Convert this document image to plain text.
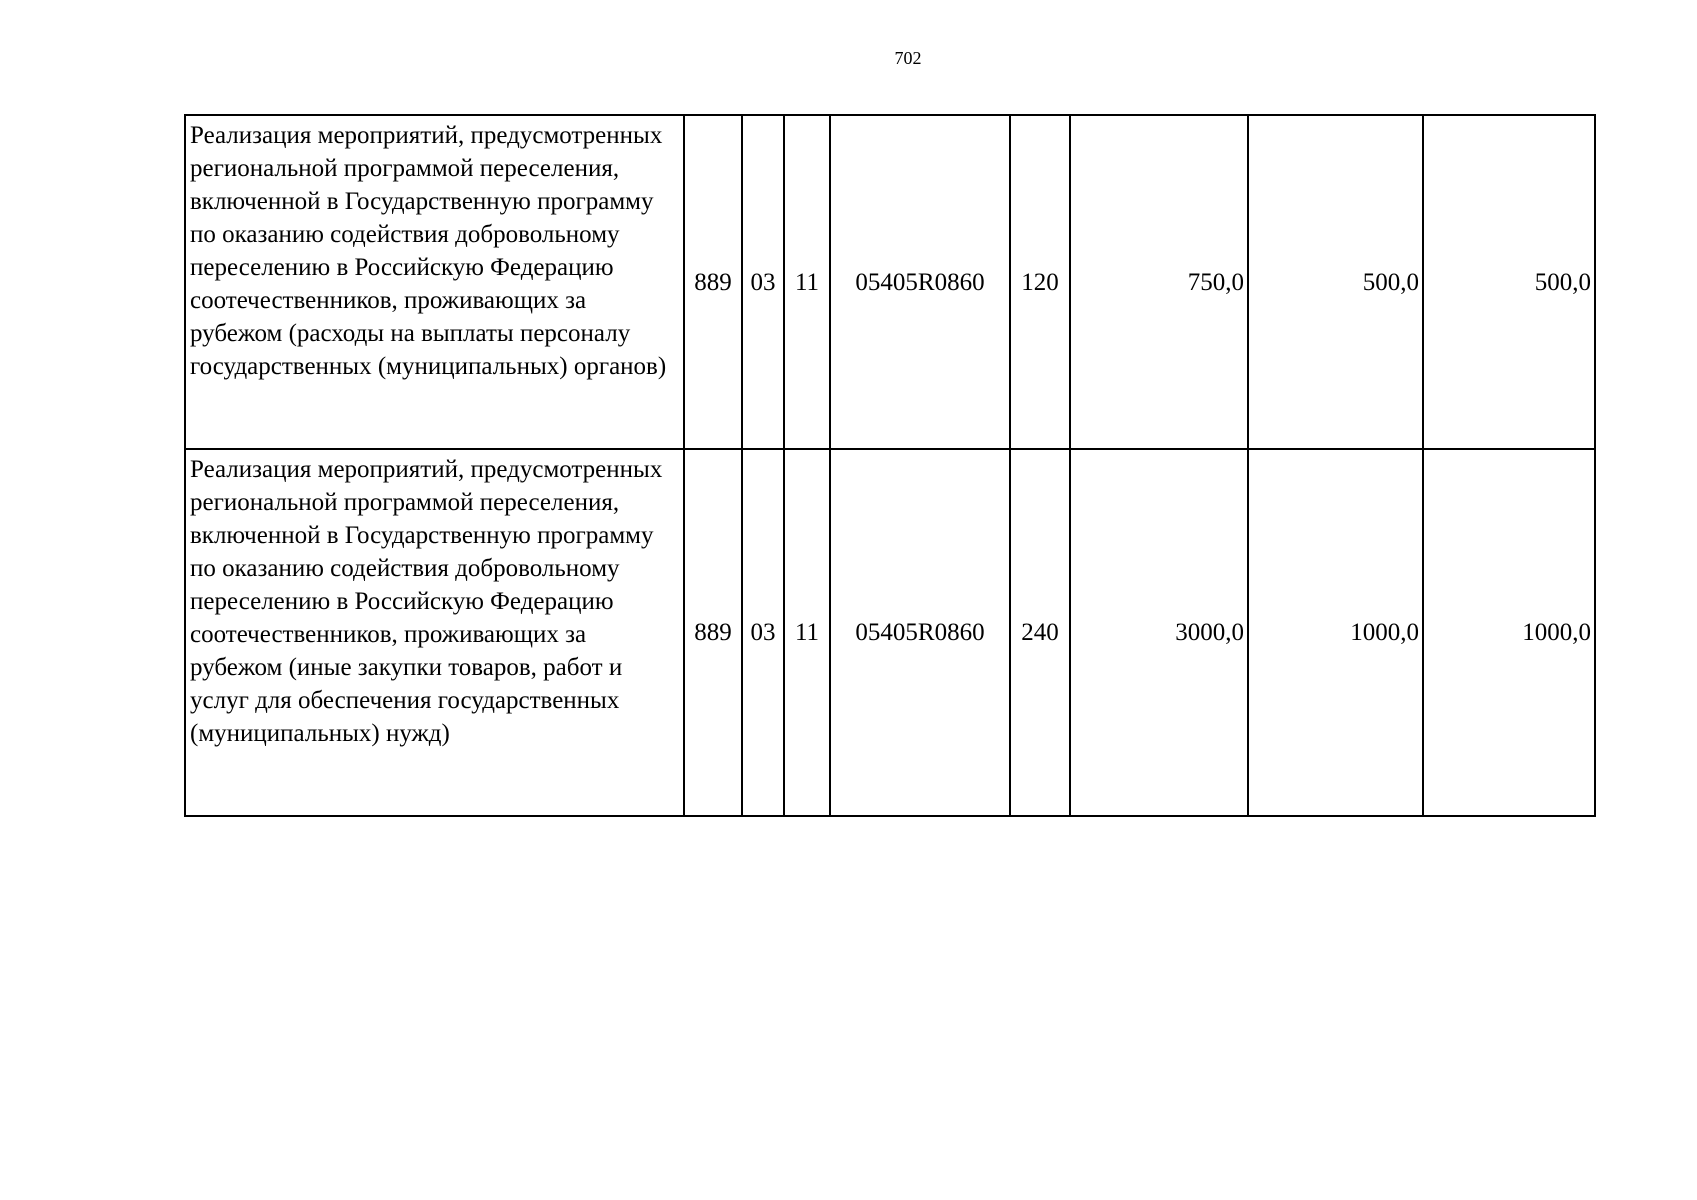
702
Реализация мероприятий, предусмотренных региональной программой переселения, включенной в Государственную программу по оказанию содействия добровольному переселению в Российскую Федерацию соотечественников, проживающих за рубежом (расходы на выплаты персоналу государственных (муниципальных) органов)	889	03	11	05405R0860	120	750,0	500,0	500,0
Реализация мероприятий, предусмотренных региональной программой переселения, включенной в Государственную программу по оказанию содействия добровольному переселению в Российскую Федерацию соотечественников, проживающих за рубежом (иные закупки товаров, работ и услуг для обеспечения государственных (муниципальных) нужд)	889	03	11	05405R0860	240	3000,0	1000,0	1000,0
